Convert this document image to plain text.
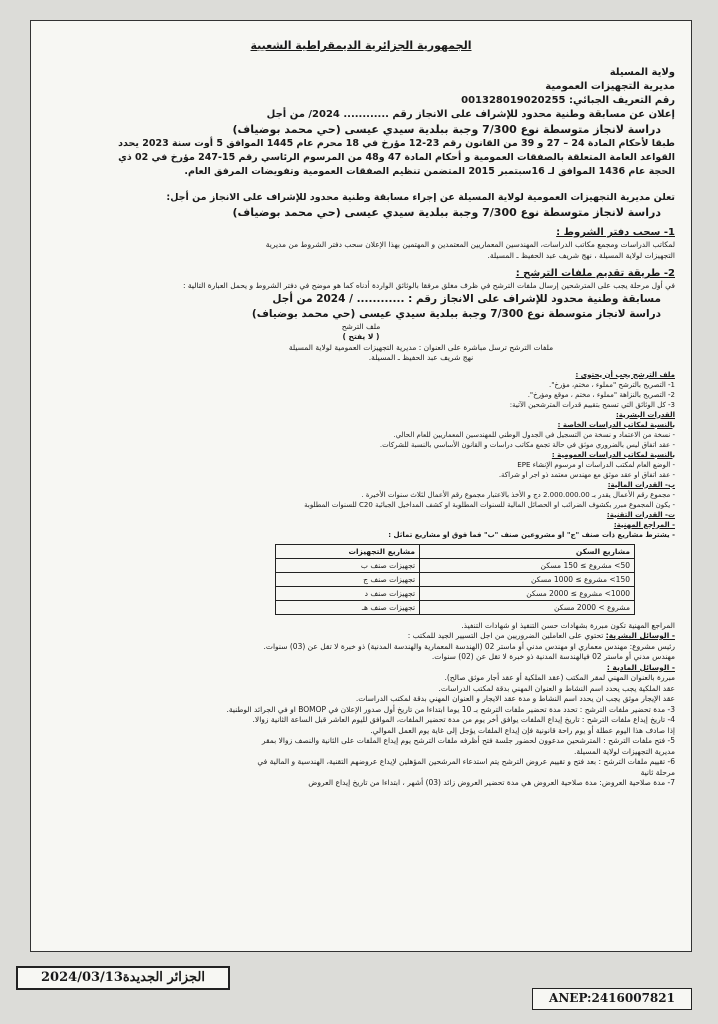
الجمهورية الجزائرية الديمقراطية الشعبية
ولاية المسيلة
مديرية التجهيزات العمومية
رقم التعريف الجبائي: 001328019020255
إعلان عن مسابقة وطنية محدود للإشراف على الانجاز رقم ............ 2024/ من أجل
دراسة لانجاز متوسطة نوع 7/300 وجبة ببلدية سيدي عيسى (حي محمد بوضياف)
طبقا لأحكام المادة 24 – 27 و 39 من القانون رقم 23-12 مؤرخ في 18 محرم عام 1445 الموافق 5 أوت سنة 2023 يحدد
القواعد العامة المتعلقة بالصفقات العمومية و أحكام المادة 47 و48 من المرسوم الرئاسي رقم 15-247 مؤرخ في 02 ذي
الحجة عام 1436 الموافق لـ 16سبتمبر 2015 المتضمن تنظيم الصفقات العمومية وتفويضات المرفق العام.
تعلن مديرية التجهيزات العمومية لولاية المسيلة عن إجراء مسابقة وطنية محدود للإشراف على الانجاز من أجل:
دراسة لانجاز متوسطة نوع 7/300 وجبة ببلدية سيدي عيسى (حي محمد بوضياف)
1- سحب دفتر الشروط :
لمكاتب الدراسات ومجمع مكاتب الدراسات، المهندسين المعماريين المعتمدين و المهتمين بهذا الإعلان سحب دفتر الشروط من مديرية
التجهيزات لولاية المسيلة ، نهج شريف عبد الحفيظ ـ المسيلة.
2- طريقة تقديم ملفات الترشح :
في أول مرحلة يجب على المترشحين إرسال ملفات الترشح في ظرف مغلق مرفقا بالوثائق الواردة أدناه كما هو موضح في دفتر الشروط و يحمل العبارة التالية :
مسابقة وطنية محدود للإشراف على الانجاز رقم : ............ / 2024 من أجل
دراسة لانجاز متوسطة نوع 7/300 وجبة ببلدية سيدي عيسى (حي محمد بوضياف)
ملف الترشح
( لا يفتح )
ملفات الترشح ترسل مباشرة على العنوان : مديرية التجهيزات العمومية لولاية المسيلة
نهج شريف عبد الحفيظ ـ المسيلة.
ملف الترشح يجب أن يحتوي :
1- التصريح بالترشح "مملوء ، مختم، مؤرخ".
2- التصريح بالنزاهة "مملوء ، مختم ، موقع ومؤرخ".
3- كل الوثائق التي تسمح بتقييم قدرات المترشحين الآتية:
القدرات البشرية:
بالنسبة لمكاتب الدراسات الخاصة :
- نسخة من الاعتماد و نسخة من التسجيل في الجدول الوطني للمهندسين المعماريين للعام الحالي.
- عقد اتفاق ليس بالضروري موثق في حالة تجمع مكاتب دراسات و القانون الأساسي بالنسبة للشركات.
بالنسبة لمكاتب الدراسات العمومية :
- الوضع العام لمكتب الدراسات او مرسوم الإنشاء EPE
- عقد اتفاق او عقد موثق مع مهندس معتمد ذو اجر او شراكة.
ب- القدرات المالية:
- مجموع رقم الأعمال يقدر بـ 2.000.000.00 دج و الأخذ بالاعتبار مجموع رقم الأعمال لثلاث سنوات الأخيرة .
- يكون المجموع مبرر بكشوف الضرائب او الحصائل المالية للسنوات المطلوبة او كشف المداخيل الجبائية C20 للسنوات المطلوبة
ت- القدرات التقنية:
- المراجع المهنية:
- يشترط مشاريع ذات صنف "ج" او مشروعين صنف "ب" فما فوق او مشاريع تماثل :
مشاريع السكن	مشاريع التجهيزات
50> مشروع ≥ 150 مسكن	تجهيزات صنف ب
150> مشروع ≥ 1000 مسكن	تجهيزات صنف ج
1000> مشروع ≥ 2000 مسكن	تجهيزات صنف د
مشروع > 2000 مسكن	تجهيزات صنف هـ
المراجع المهنية تكون مبررة بشهادات حسن التنفيذ او شهادات التنفيذ.
- الوسائل البشرية: تحتوي على العاملين الضروريين من اجل التسيير الجيد للمكتب :
رئيس مشروع: مهندس معماري او مهندس مدني أو ماستر 02 (الهندسة المعمارية والهندسة المدنية) ذو خبرة لا تقل عن (03) سنوات.
مهندس مدني أو ماستر 02 فيالهندسة المدنية ذو خبرة لا تقل عن (02) سنوات.
- الوسائل المادية :
مبررة بالعنوان المهني لمقر المكتب (عقد الملكية أو عقد أجار موثق صالح).
عقد الملكية يجب يحدد اسم النشاط و العنوان المهني بدقة لمكتب الدراسات.
عقد الإيجار موثق يجب ان يحدد اسم النشاط و مدة عقد الايجار و العنوان المهني بدقة لمكتب الدراسات.
3- مدة تحضير ملفات الترشح : تحدد مدة تحضير ملفات الترشح بـ 10 يوما ابتداءا من تاريخ أول صدور الإعلان في BOMOP او في الجرائد الوطنية.
4- تاريخ إيداع ملفات الترشح : تاريخ إيداع الملفات يوافق أخر يوم من مدة تحضير الملفات، الموافق لليوم العاشر قبل الساعة الثانية زوالا.
إذا صادف هذا اليوم عطلة أو يوم راحة قانونية فإن إيداع الملفات يؤجل إلى غاية يوم العمل الموالي.
5- فتح ملفات الترشح : المترشحين مدعوون لحضور جلسة فتح أظرفه ملفات الترشح يوم إيداع الملفات على الثانية والنصف زوالا بمقر
مديرية التجهيزات لولاية المسيلة.
6- تقييم ملفات الترشح : بعد فتح و تقييم عروض الترشح يتم استدعاء المرشحين المؤهلين لإيداع عروضهم التقنية، الهندسية و المالية في
مرحلة ثانية
7- مدة صلاحية العروض: مدة صلاحية العروض هي مدة تحضير العروض زائد (03) أشهر ، ابتداءا من تاريخ إيداع العروض
الجزائر الجديدة2024/03/13
ANEP:2416007821
